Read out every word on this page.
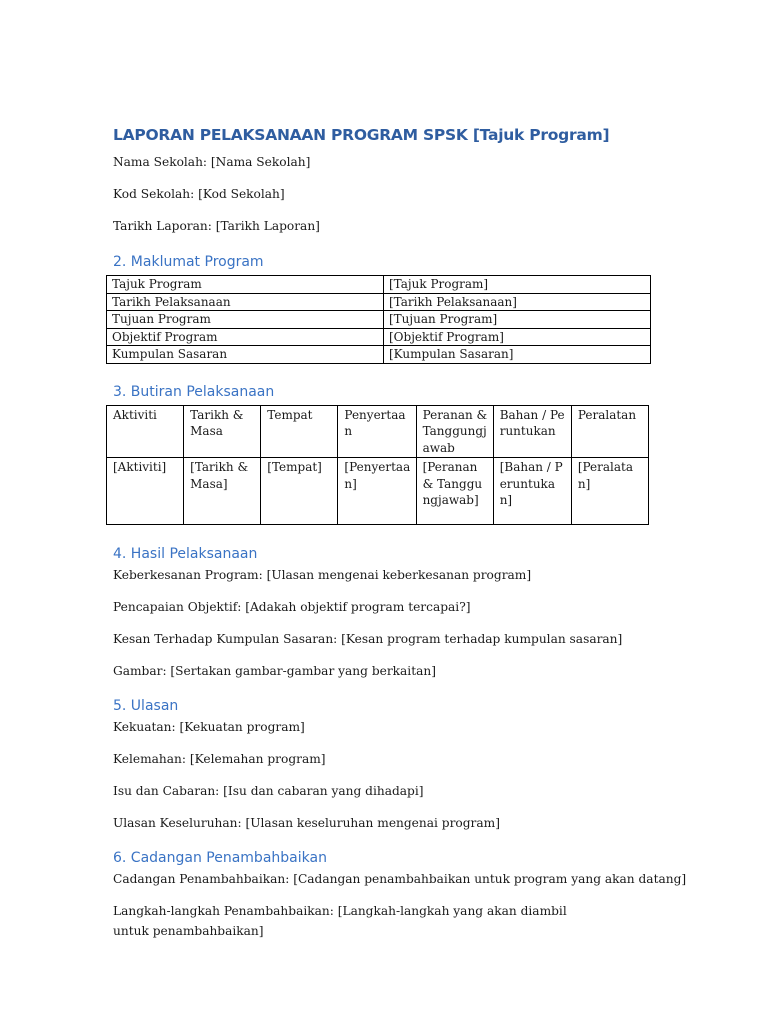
LAPORAN PELAKSANAAN PROGRAM SPSK [Tajuk Program]

Nama Sekolah: [Nama Sekolah]

Kod Sekolah: [Kod Sekolah]

Tarikh Laporan: [Tarikh Laporan]

2. Maklumat Program
Tajuk Program	[Tajuk Program]
Tarikh Pelaksanaan	[Tarikh Pelaksanaan]
Tujuan Program	[Tujuan Program]
Objektif Program	[Objektif Program]
Kumpulan Sasaran	[Kumpulan Sasaran]
3. Butiran Pelaksanaan
Aktiviti	Tarikh & Masa	Tempat	Penyertaan	Peranan & Tanggungjawab	Bahan / Peruntukan	Peralatan
[Aktiviti]	[Tarikh & Masa]	[Tempat]	[Penyertaan]	[Peranan & Tanggungjawab]	[Bahan / Peruntukan]	[Peralatan]
4. Hasil Pelaksanaan

Keberkesanan Program: [Ulasan mengenai keberkesanan program]

Pencapaian Objektif: [Adakah objektif program tercapai?]

Kesan Terhadap Kumpulan Sasaran: [Kesan program terhadap kumpulan sasaran]

Gambar: [Sertakan gambar-gambar yang berkaitan]

5. Ulasan

Kekuatan: [Kekuatan program]

Kelemahan: [Kelemahan program]

Isu dan Cabaran: [Isu dan cabaran yang dihadapi]

Ulasan Keseluruhan: [Ulasan keseluruhan mengenai program]

6. Cadangan Penambahbaikan

Cadangan Penambahbaikan: [Cadangan penambahbaikan untuk program yang akan datang]

Langkah-langkah Penambahbaikan: [Langkah-langkah yang akan diambil untuk penambahbaikan]
